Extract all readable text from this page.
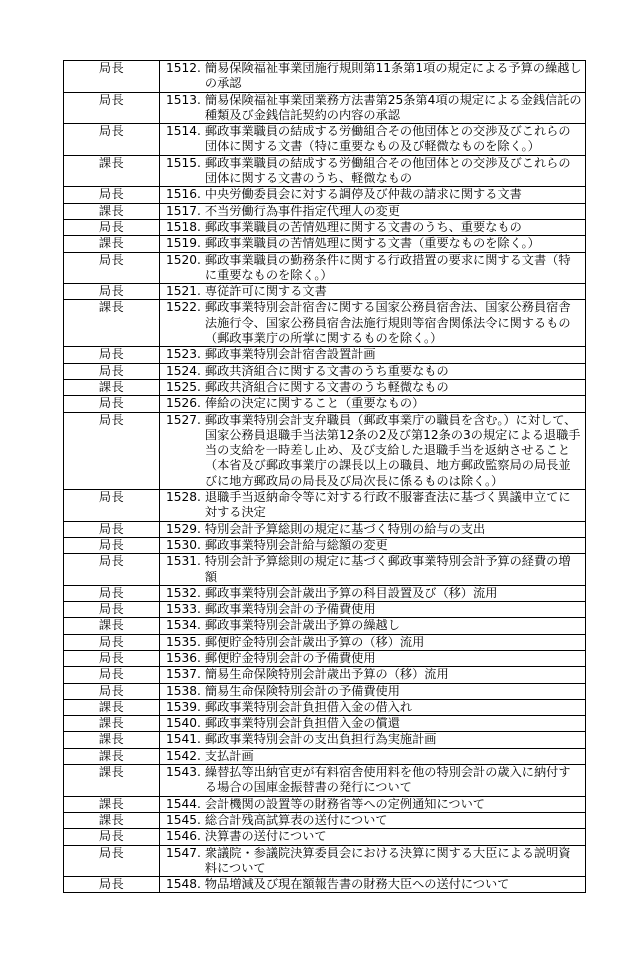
局長	1512. 簡易保険福祉事業団施行規則第11条第1項の規定による予算の繰越しの承認

局長	1513. 簡易保険福祉事業団業務方法書第25条第4項の規定による金銭信託の種類及び金銭信託契約の内容の承認

局長	1514. 郵政事業職員の結成する労働組合その他団体との交渉及びこれらの団体に関する文書（特に重要なもの及び軽微なものを除く。）

課長	1515. 郵政事業職員の結成する労働組合その他団体との交渉及びこれらの団体に関する文書のうち、軽微なもの

局長	1516. 中央労働委員会に対する調停及び仲裁の請求に関する文書

課長	1517. 不当労働行為事件指定代理人の変更

局長	1518. 郵政事業職員の苦情処理に関する文書のうち、重要なもの

課長	1519. 郵政事業職員の苦情処理に関する文書（重要なものを除く。）

局長	1520. 郵政事業職員の勤務条件に関する行政措置の要求に関する文書（特に重要なものを除く。）

局長	1521. 専従許可に関する文書

課長	1522. 郵政事業特別会計宿舎に関する国家公務員宿舎法、国家公務員宿舎法施行令、国家公務員宿舎法施行規則等宿舎関係法令に関するもの（郵政事業庁の所掌に関するものを除く。）

局長	1523. 郵政事業特別会計宿舎設置計画

局長	1524. 郵政共済組合に関する文書のうち重要なもの

課長	1525. 郵政共済組合に関する文書のうち軽微なもの

局長	1526. 俸給の決定に関すること（重要なもの）

局長	1527. 郵政事業特別会計支弁職員（郵政事業庁の職員を含む。）に対して、国家公務員退職手当法第12条の2及び第12条の3の規定による退職手当の支給を一時差し止め、及び支給した退職手当を返納させること（本省及び郵政事業庁の課長以上の職員、地方郵政監察局の局長並びに地方郵政局の局長及び局次長に係るものは除く。）

局長	1528. 退職手当返納命令等に対する行政不服審査法に基づく異議申立てに対する決定

局長	1529. 特別会計予算総則の規定に基づく特別の給与の支出

局長	1530. 郵政事業特別会計給与総額の変更

局長	1531. 特別会計予算総則の規定に基づく郵政事業特別会計予算の経費の増額

局長	1532. 郵政事業特別会計歳出予算の科目設置及び（移）流用

局長	1533. 郵政事業特別会計の予備費使用

課長	1534. 郵政事業特別会計歳出予算の繰越し

局長	1535. 郵便貯金特別会計歳出予算の（移）流用

局長	1536. 郵便貯金特別会計の予備費使用

局長	1537. 簡易生命保険特別会計歳出予算の（移）流用

局長	1538. 簡易生命保険特別会計の予備費使用

課長	1539. 郵政事業特別会計負担借入金の借入れ

課長	1540. 郵政事業特別会計負担借入金の償還

課長	1541. 郵政事業特別会計の支出負担行為実施計画

課長	1542. 支払計画

課長	1543. 繰替払等出納官吏が有料宿舎使用料を他の特別会計の歳入に納付する場合の国庫金振替書の発行について

課長	1544. 会計機関の設置等の財務省等への定例通知について

課長	1545. 総合計残高試算表の送付について

局長	1546. 決算書の送付について

局長	1547. 衆議院・参議院決算委員会における決算に関する大臣による説明資料について

局長	1548. 物品増減及び現在額報告書の財務大臣への送付について
